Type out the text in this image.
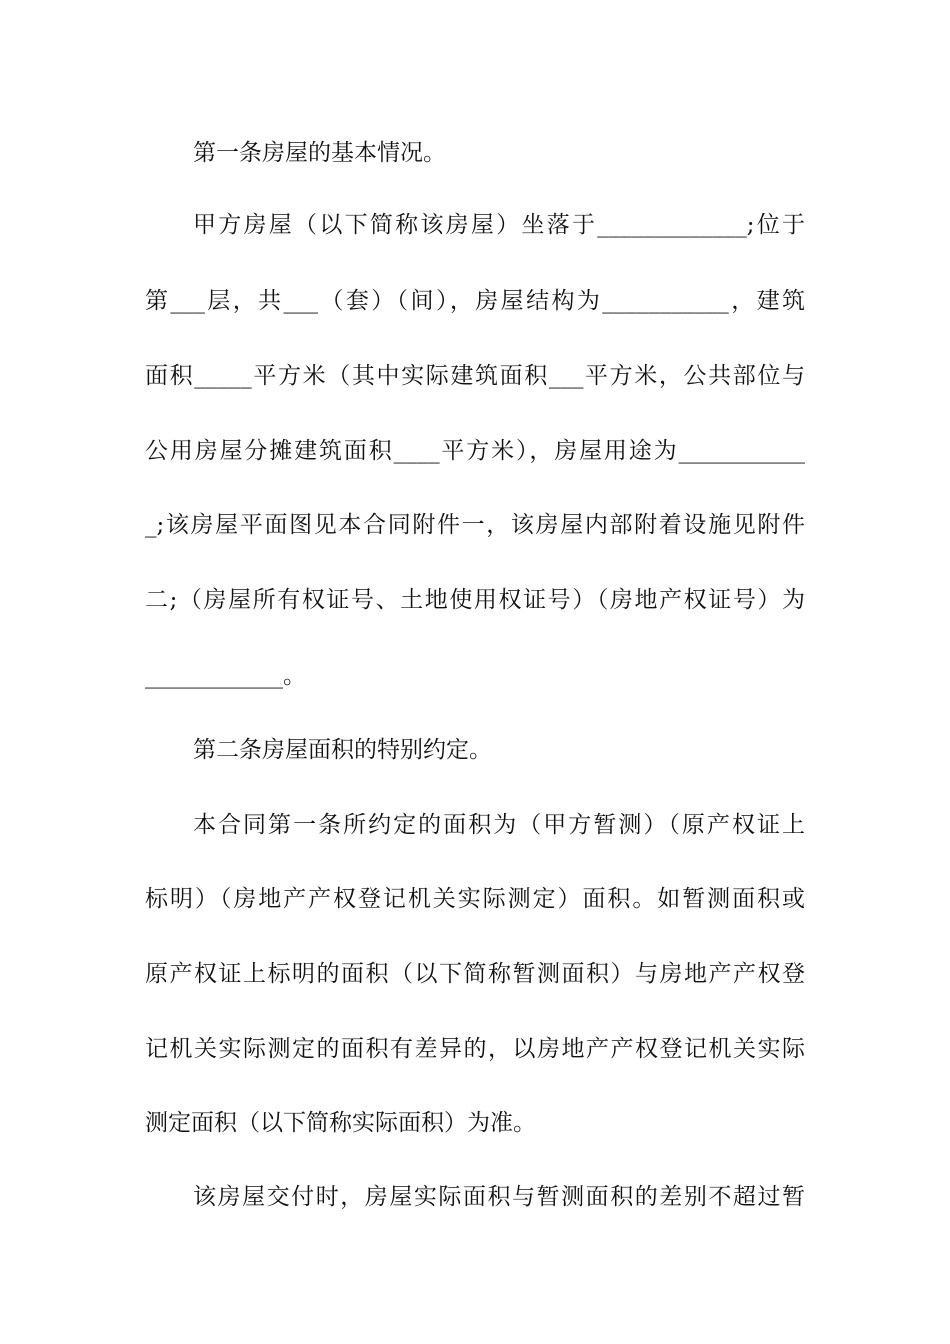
第一条房屋的基本情况。
甲方房屋（以下简称该房屋）坐落于_____________;位于
第___层，共___（套）（间），房屋结构为___________，建筑
面积_____平方米（其中实际建筑面积___平方米，公共部位与
公用房屋分摊建筑面积____平方米），房屋用途为___________
_;该房屋平面图见本合同附件一，该房屋内部附着设施见附件
二;（房屋所有权证号、土地使用权证号）（房地产权证号）为
____________。
第二条房屋面积的特别约定。
本合同第一条所约定的面积为（甲方暂测）（原产权证上
标明）（房地产产权登记机关实际测定）面积。如暂测面积或
原产权证上标明的面积（以下简称暂测面积）与房地产产权登
记机关实际测定的面积有差异的，以房地产产权登记机关实际
测定面积（以下简称实际面积）为准。
该房屋交付时，房屋实际面积与暂测面积的差别不超过暂
